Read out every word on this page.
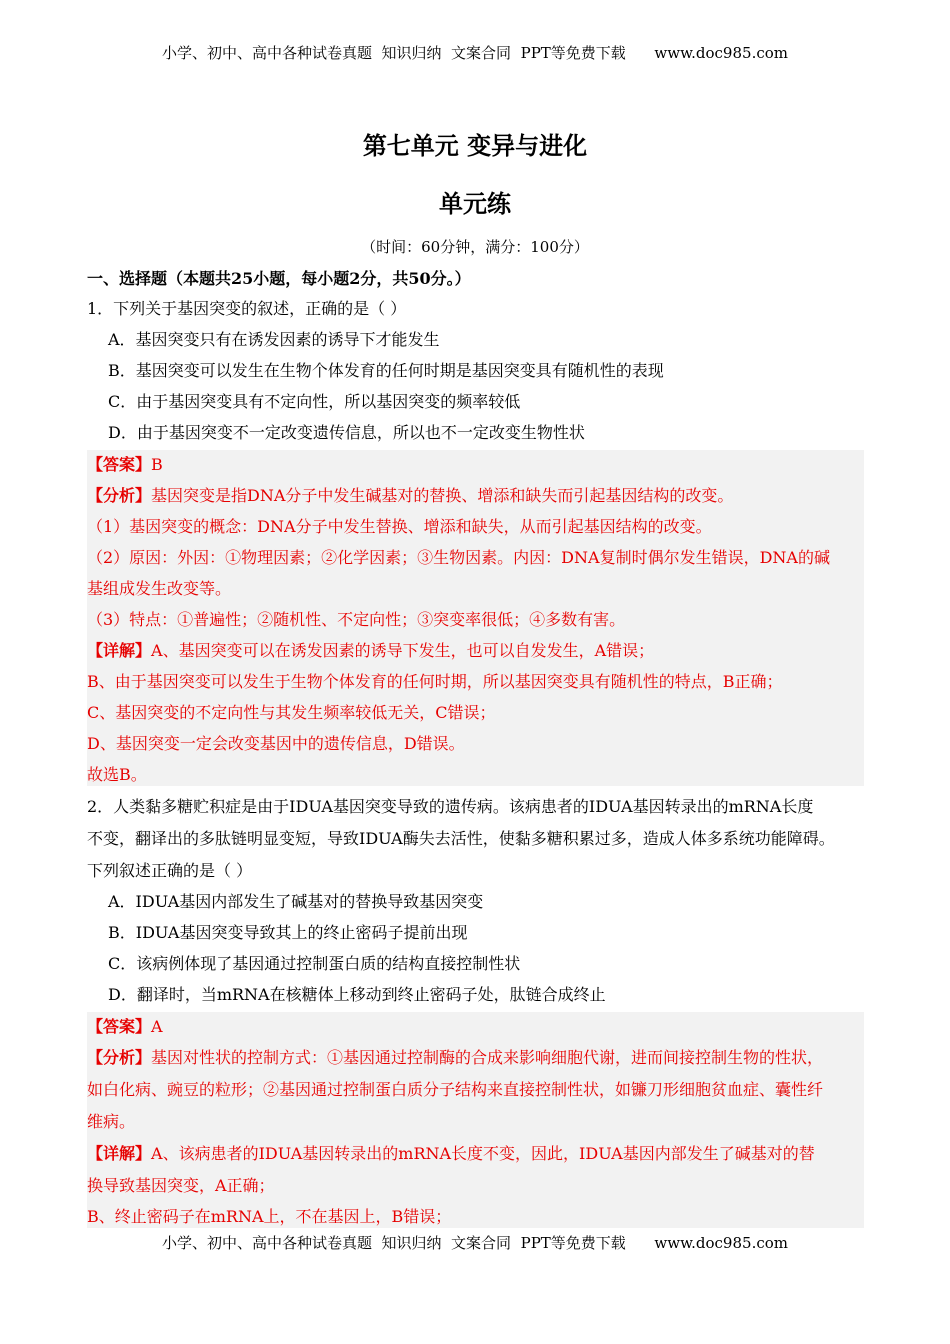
小学、初中、高中各种试卷真题  知识归纳  文案合同  PPT等免费下载      www.doc985.com
第七单元 变异与进化
单元练
（时间：60分钟，满分：100分）
一、选择题（本题共25小题，每小题2分，共50分。）
1．下列关于基因突变的叙述，正确的是（ ）
A．基因突变只有在诱发因素的诱导下才能发生
B．基因突变可以发生在生物个体发育的任何时期是基因突变具有随机性的表现
C．由于基因突变具有不定向性，所以基因突变的频率较低
D．由于基因突变不一定改变遗传信息，所以也不一定改变生物性状
【答案】B
【分析】基因突变是指DNA分子中发生碱基对的替换、增添和缺失而引起基因结构的改变。
（1）基因突变的概念：DNA分子中发生替换、增添和缺失，从而引起基因结构的改变。
（2）原因：外因：①物理因素；②化学因素；③生物因素。内因：DNA复制时偶尔发生错误，DNA的碱
基组成发生改变等。
（3）特点：①普遍性；②随机性、不定向性；③突变率很低；④多数有害。
【详解】A、基因突变可以在诱发因素的诱导下发生，也可以自发发生，A错误；
B、由于基因突变可以发生于生物个体发育的任何时期，所以基因突变具有随机性的特点，B正确；
C、基因突变的不定向性与其发生频率较低无关，C错误；
D、基因突变一定会改变基因中的遗传信息，D错误。
故选B。
2．人类黏多糖贮积症是由于IDUA基因突变导致的遗传病。该病患者的IDUA基因转录出的mRNA长度
不变，翻译出的多肽链明显变短，导致IDUA酶失去活性，使黏多糖积累过多，造成人体多系统功能障碍。
下列叙述正确的是（ ）
A．IDUA基因内部发生了碱基对的替换导致基因突变
B．IDUA基因突变导致其上的终止密码子提前出现
C．该病例体现了基因通过控制蛋白质的结构直接控制性状
D．翻译时，当mRNA在核糖体上移动到终止密码子处，肽链合成终止
【答案】A
【分析】基因对性状的控制方式：①基因通过控制酶的合成来影响细胞代谢，进而间接控制生物的性状，
如白化病、豌豆的粒形；②基因通过控制蛋白质分子结构来直接控制性状，如镰刀形细胞贫血症、囊性纤
维病。
【详解】A、该病患者的IDUA基因转录出的mRNA长度不变，因此，IDUA基因内部发生了碱基对的替
换导致基因突变，A正确；
B、终止密码子在mRNA上，不在基因上，B错误；
小学、初中、高中各种试卷真题  知识归纳  文案合同  PPT等免费下载      www.doc985.com
